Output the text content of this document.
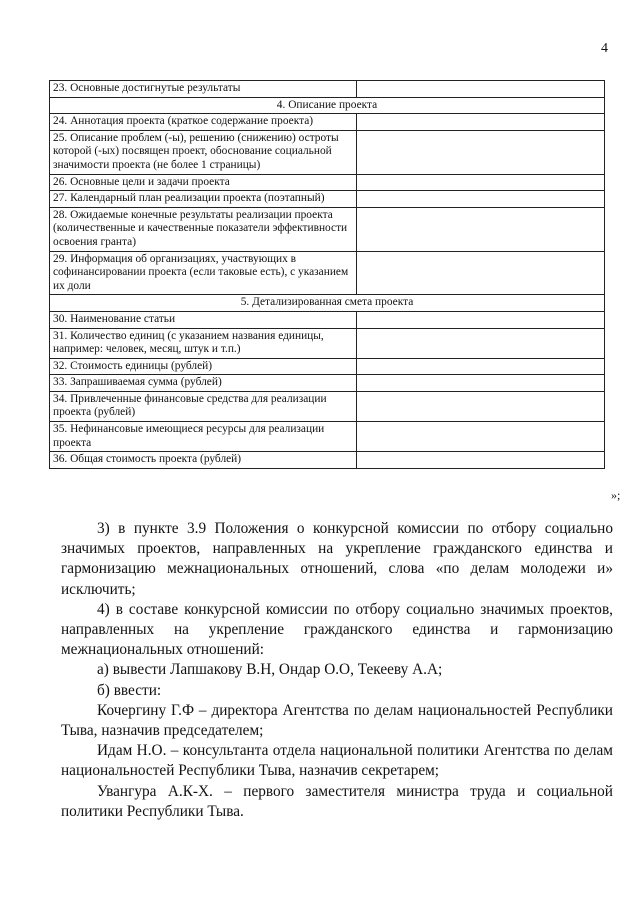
4
23. Основные достигнутые результаты	
4. Описание проекта	
24. Аннотация проекта (краткое содержание проекта)	
25. Описание проблем (-ы), решению (снижению) остроты которой (-ых) посвящен проект, обоснование социальной значимости проекта (не более 1 страницы)	
26. Основные цели и задачи проекта	
27. Календарный план реализации проекта (поэтапный)	
28. Ожидаемые конечные результаты реализации проекта (количественные и качественные показатели эффективности освоения гранта)	
29. Информация об организациях, участвующих в софинансировании проекта (если таковые есть), с указанием их доли	
5. Детализированная смета проекта	
30. Наименование статьи	
31. Количество единиц (с указанием названия единицы, например: человек, месяц, штук и т.п.)	
32. Стоимость единицы (рублей)	
33. Запрашиваемая сумма (рублей)	
34. Привлеченные финансовые средства для реализации проекта (рублей)	
35. Нефинансовые имеющиеся ресурсы для реализации проекта	
36. Общая стоимость проекта (рублей)	
»;

3) в пункте 3.9 Положения о конкурсной комиссии по отбору социально значимых проектов, направленных на укрепление гражданского единства и гармонизацию межнациональных отношений, слова «по делам молодежи и» исключить;

4) в составе конкурсной комиссии по отбору социально значимых проектов, направленных на укрепление гражданского единства и гармонизацию межнациональных отношений:

а) вывести Лапшакову В.Н, Ондар О.О, Текееву А.А;

б) ввести:

Кочергину Г.Ф – директора Агентства по делам национальностей Республики Тыва, назначив председателем;

Идам Н.О. – консультанта отдела национальной политики Агентства по делам национальностей Республики Тыва, назначив секретарем;

Увангура А.К-Х. – первого заместителя министра труда и социальной политики Республики Тыва.
